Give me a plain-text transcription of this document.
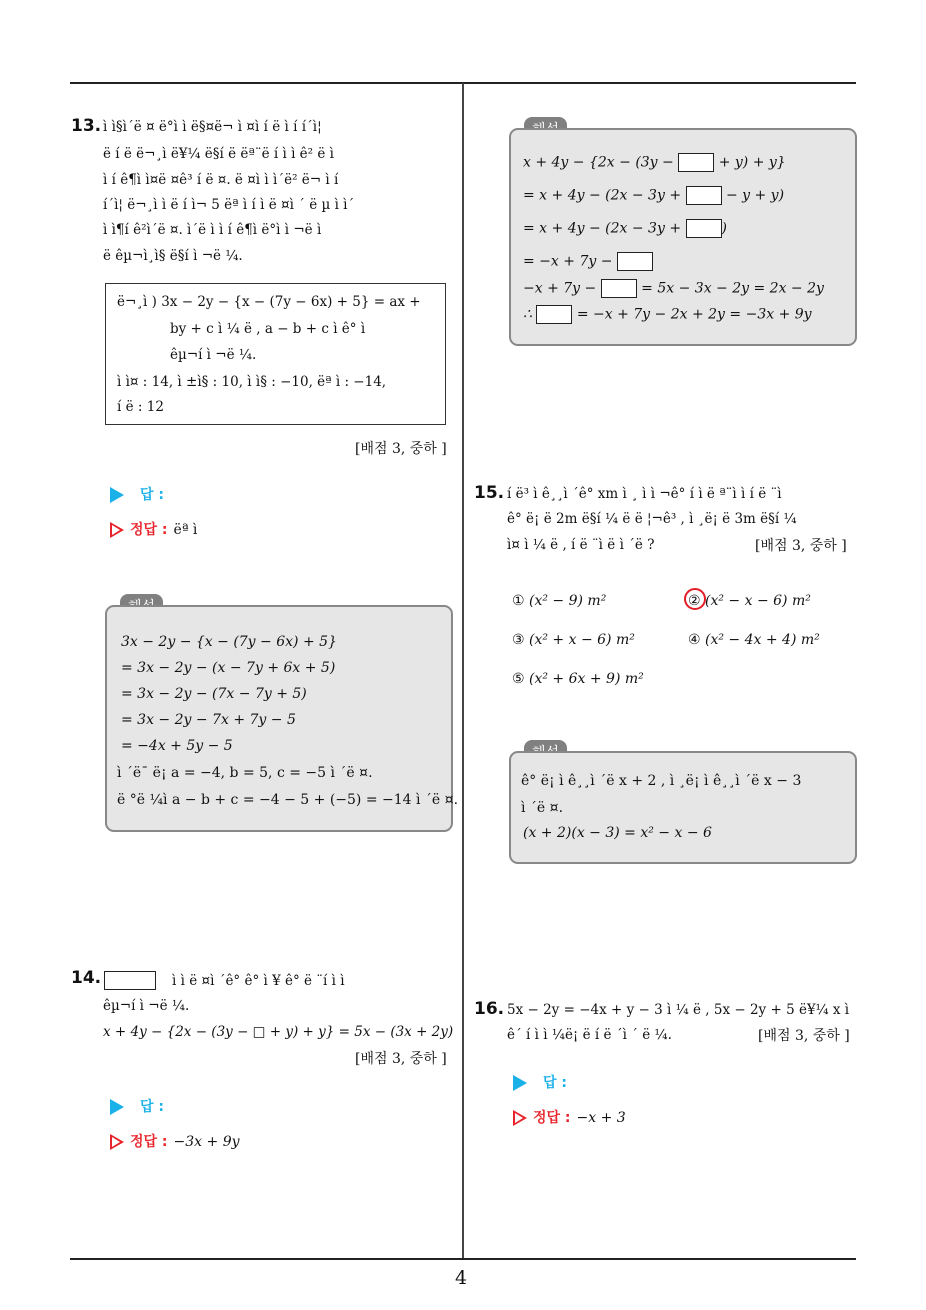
4
13. ì ì§ì´ë ¤ ë°ì ì ë§¤ë¬ ì ¤ì í ë ì í í´ì¦
ë í ë ë¬¸ì ë¥¼ ë§í ë ëª¨ë í ì ì ê² ë ì
ì í ê¶ì ì¤ë ¤ê³ í ë ¤. ë ¤ì ì ì´ë² ë¬ ì í
í´ì¦ ë¬¸ì ì ë í ì¬ 5 ëª ì í ì ë ¤ì ´ ë µ ì ì´
ì ì¶í ê²ì´ë ¤. ì´ë ì ì í ê¶ì ë°ì ì ¬ë ì
ë êµ¬ì¸ì§ ë§í ì ¬ë ¼.
ë¬¸ì ) 3x − 2y − {x − (7y − 6x) + 5} = ax +
by + c ì ¼ ë , a − b + c ì ê° ì
êµ¬í ì ¬ë ¼.
ì ì¤ : 14, ì ±ì§ : 10, ì ì§ : −10, ëª ì : −14,
í ë : 12
[배점 3, 중하 ]
답 :
정답 : ëª ì
3x − 2y − {x − (7y − 6x) + 5}
= 3x − 2y − (x − 7y + 6x + 5)
= 3x − 2y − (7x − 7y + 5)
= 3x − 2y − 7x + 7y − 5
= −4x + 5y − 5
ì ´ë¯ ë¡ a = −4, b = 5, c = −5 ì ´ë ¤.
ë °ë ¼ì a − b + c = −4 − 5 + (−5) = −14 ì ´ë ¤.
14.	ì ì ë ¤ì ´ê° ê° ì ¥ ê° ë ¨í ì ì
êµ¬í ì ¬ë ¼.
x + 4y − {2x − (3y − □ + y) + y} = 5x − (3x + 2y)
[배점 3, 중하 ]
답 :
정답 : −3x + 9y
x + 4y − {2x − (3y −	+ y) + y}
= x + 4y − (2x − 3y +	− y + y)
= x + 4y − (2x − 3y +	)
= −x + 7y −
−x + 7y −	= 5x − 3x − 2y = 2x − 2y
∴	= −x + 7y − 2x + 2y = −3x + 9y
15. í ë³ ì ê¸¸ì ´ê° xm ì ¸ ì ì ¬ê° í ì ë ª¨ì ì í ë ¨ì
ê° ë¡ ë 2m ë§í ¼ ë ë ¦¬ê³ , ì ¸ë¡ ë 3m ë§í ¼
ì¤ ì ¼ ë , í ë ¨ì ë ì ´ë ?	[배점 3, 중하 ]
① (x² − 9) m²	② (x² − x − 6) m²
③ (x² + x − 6) m²	④ (x² − 4x + 4) m²
⑤ (x² + 6x + 9) m²
ê° ë¡ ì ê¸¸ì ´ë x + 2 , ì ¸ë¡ ì ê¸¸ì ´ë x − 3
ì ´ë ¤.
(x + 2)(x − 3) = x² − x − 6
16. 5x − 2y = −4x + y − 3 ì ¼ ë , 5x − 2y + 5 ë¥¼ x ì
ê´ í ì ì ¼ë¡ ë í ë ´ì ´ ë ¼.	[배점 3, 중하 ]
답 :
정답 : −x + 3
